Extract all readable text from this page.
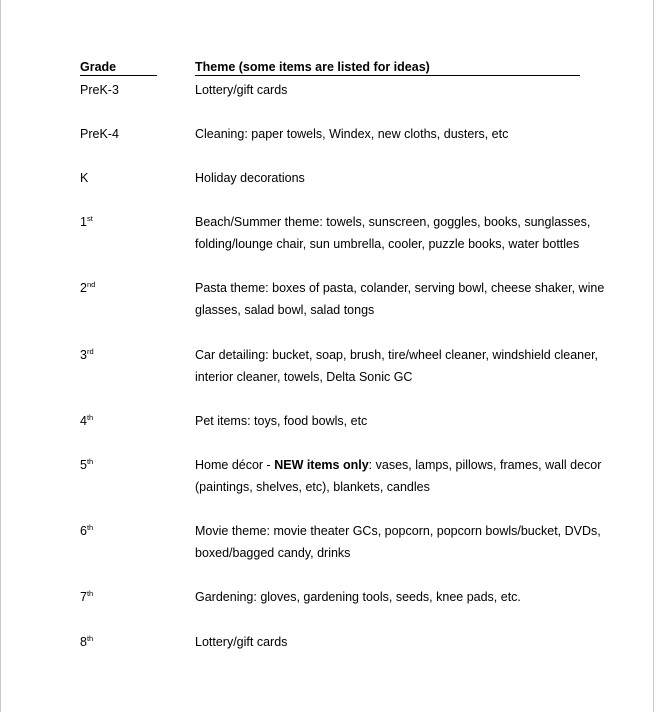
Grade	Theme (some items are listed for ideas)
PreK-3	Lottery/gift cards
PreK-4	Cleaning: paper towels, Windex, new cloths, dusters, etc
K	Holiday decorations
1st	Beach/Summer theme: towels, sunscreen, goggles, books, sunglasses, folding/lounge chair, sun umbrella, cooler, puzzle books, water bottles
2nd	Pasta theme: boxes of pasta, colander, serving bowl, cheese shaker, wine glasses, salad bowl, salad tongs
3rd	Car detailing: bucket, soap, brush, tire/wheel cleaner, windshield cleaner, interior cleaner, towels, Delta Sonic GC
4th	Pet items: toys, food bowls, etc
5th	Home décor - NEW items only: vases, lamps, pillows, frames, wall decor (paintings, shelves, etc), blankets, candles
6th	Movie theme: movie theater GCs, popcorn, popcorn bowls/bucket, DVDs, boxed/bagged candy, drinks
7th	Gardening: gloves, gardening tools, seeds, knee pads, etc.
8th	Lottery/gift cards
